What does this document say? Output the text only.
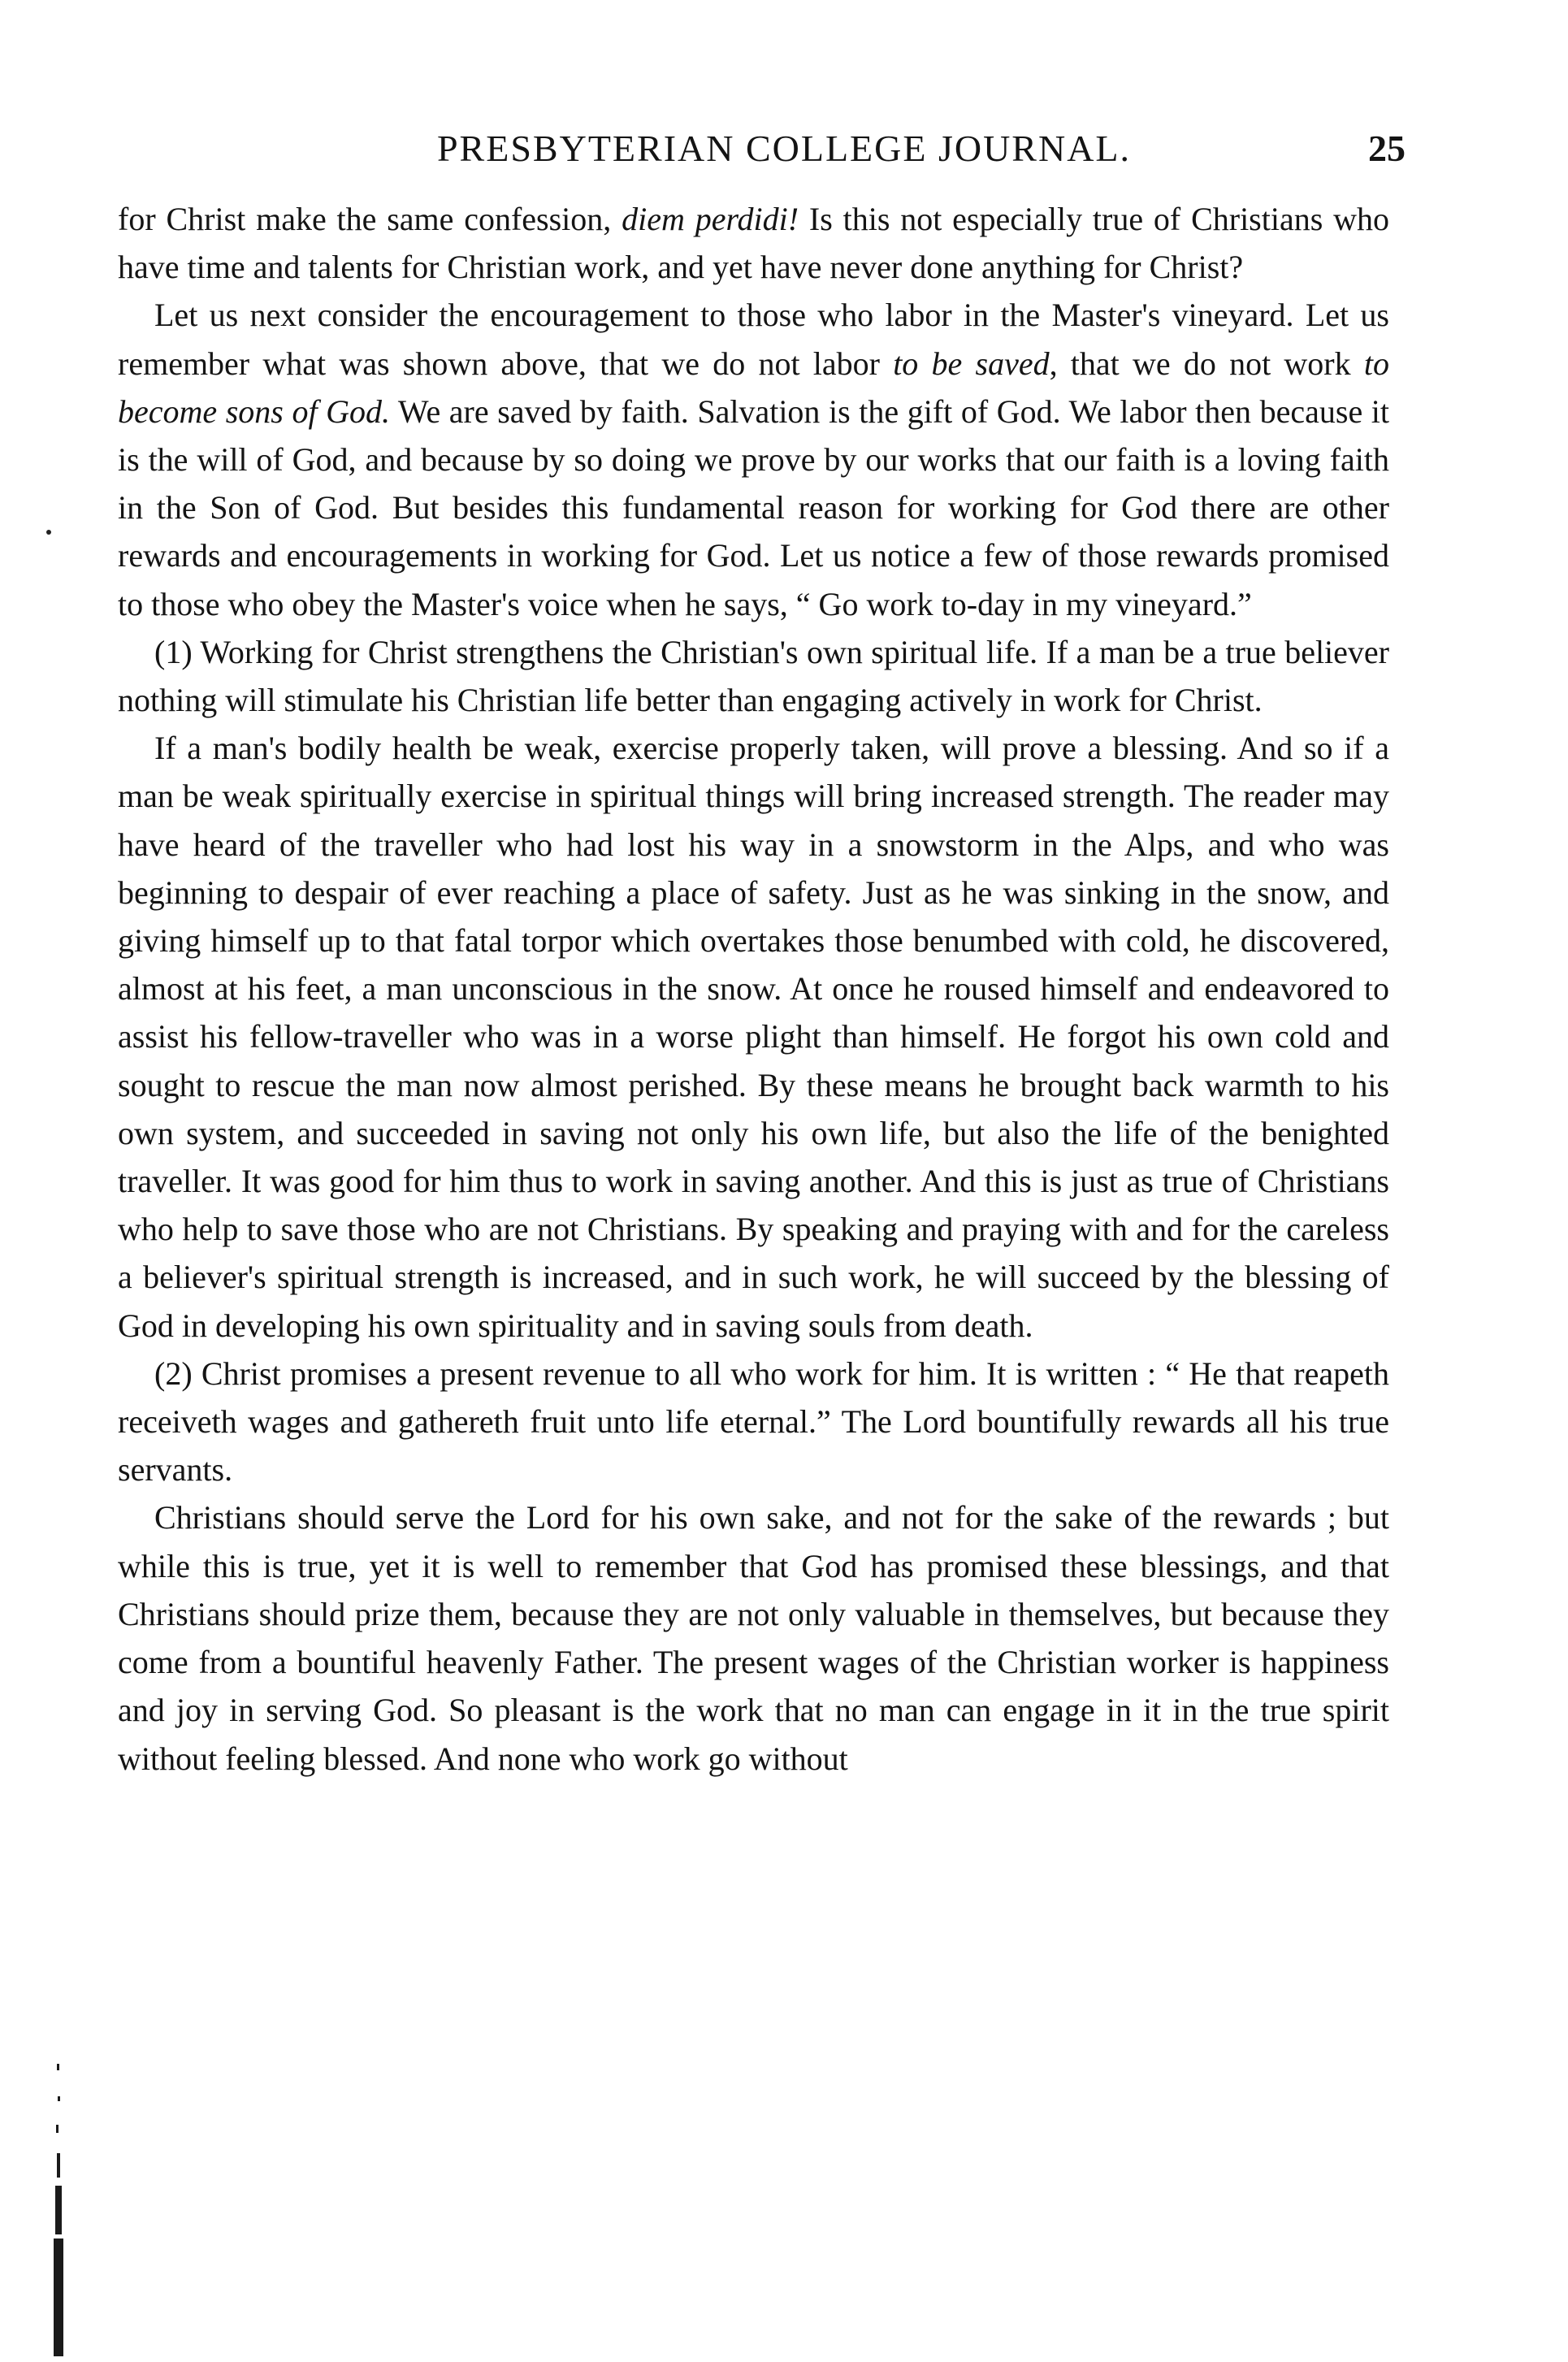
PRESBYTERIAN COLLEGE JOURNAL.	25

for Christ make the same confession, diem perdidi! Is this not especially true of Christians who have time and talents for Christian work, and yet have never done anything for Christ?

Let us next consider the encouragement to those who labor in the Master's vineyard. Let us remember what was shown above, that we do not labor to be saved, that we do not work to become sons of God. We are saved by faith. Salvation is the gift of God. We labor then because it is the will of God, and because by so doing we prove by our works that our faith is a loving faith in the Son of God. But besides this fundamental reason for working for God there are other rewards and encouragements in working for God. Let us notice a few of those rewards promised to those who obey the Master's voice when he says, “ Go work to-day in my vineyard.”

(1) Working for Christ strengthens the Christian's own spiritual life. If a man be a true believer nothing will stimulate his Christian life better than engaging actively in work for Christ.

If a man's bodily health be weak, exercise properly taken, will prove a blessing. And so if a man be weak spiritually exercise in spiritual things will bring increased strength. The reader may have heard of the traveller who had lost his way in a snowstorm in the Alps, and who was beginning to despair of ever reaching a place of safety. Just as he was sinking in the snow, and giving himself up to that fatal torpor which overtakes those benumbed with cold, he discovered, almost at his feet, a man unconscious in the snow. At once he roused himself and endeavored to assist his fellow-traveller who was in a worse plight than himself. He forgot his own cold and sought to rescue the man now almost perished. By these means he brought back warmth to his own system, and succeeded in saving not only his own life, but also the life of the benighted traveller. It was good for him thus to work in saving another. And this is just as true of Christians who help to save those who are not Christians. By speaking and praying with and for the careless a believer's spiritual strength is increased, and in such work, he will succeed by the blessing of God in developing his own spirituality and in saving souls from death.

(2) Christ promises a present revenue to all who work for him. It is written : “ He that reapeth receiveth wages and gathereth fruit unto life eternal.” The Lord bountifully rewards all his true servants.

Christians should serve the Lord for his own sake, and not for the sake of the rewards ; but while this is true, yet it is well to remember that God has promised these blessings, and that Christians should prize them, because they are not only valuable in themselves, but because they come from a bountiful heavenly Father. The present wages of the Christian worker is happiness and joy in serving God. So pleasant is the work that no man can engage in it in the true spirit without feeling blessed. And none who work go without
